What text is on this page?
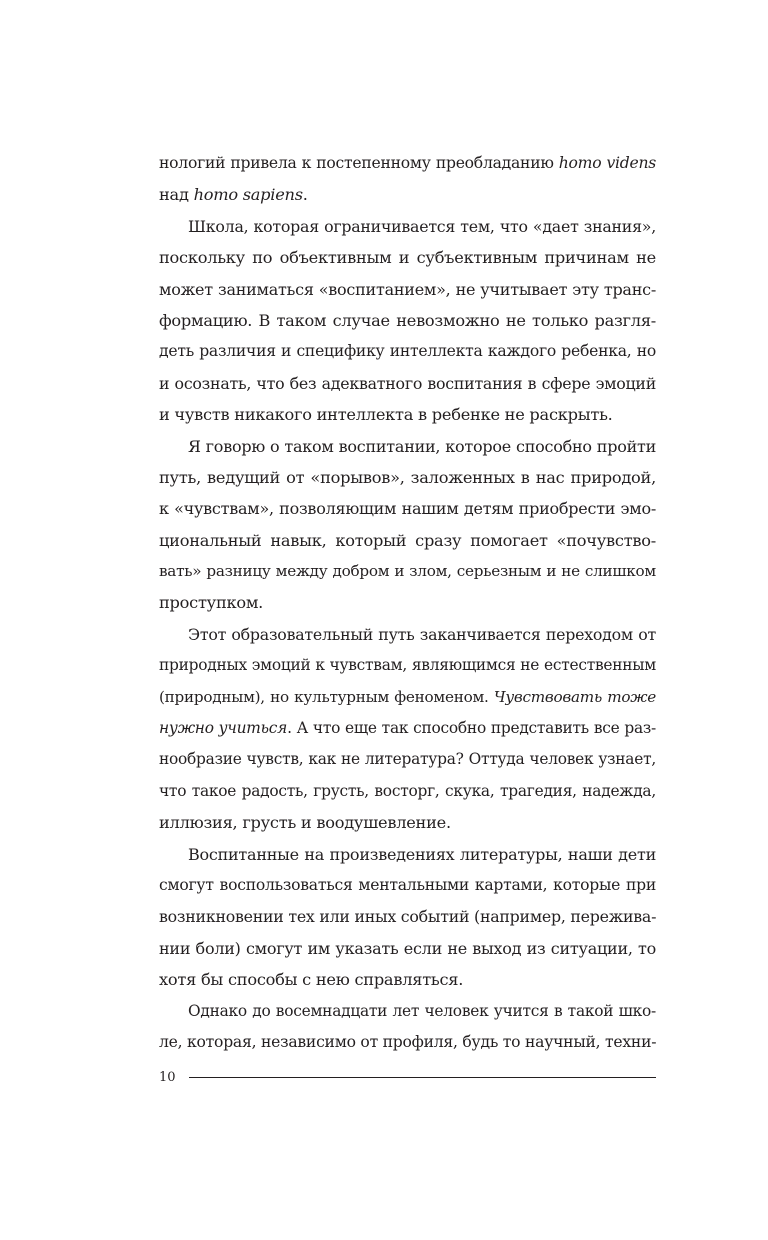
нологий привела к постепенному преобладанию homo videns
над homo sapiens.
Школа, которая ограничивается тем, что «дает знания»,
поскольку по объективным и субъективным причинам не
может заниматься «воспитанием», не учитывает эту транс-
формацию. В таком случае невозможно не только разгля-
деть различия и специфику интеллекта каждого ребенка, но
и осознать, что без адекватного воспитания в сфере эмоций
и чувств никакого интеллекта в ребенке не раскрыть.
Я говорю о таком воспитании, которое способно пройти
путь, ведущий от «порывов», заложенных в нас природой,
к «чувствам», позволяющим нашим детям приобрести эмо-
циональный навык, который сразу помогает «почувство-
вать» разницу между добром и злом, серьезным и не слишком
проступком.
Этот образовательный путь заканчивается переходом от
природных эмоций к чувствам, являющимся не естественным
(природным), но культурным феноменом. Чувствовать тоже
нужно учиться. А что еще так способно представить все раз-
нообразие чувств, как не литература? Оттуда человек узнает,
что такое радость, грусть, восторг, скука, трагедия, надежда,
иллюзия, грусть и воодушевление.
Воспитанные на произведениях литературы, наши дети
смогут воспользоваться ментальными картами, которые при
возникновении тех или иных событий (например, пережива-
нии боли) смогут им указать если не выход из ситуации, то
хотя бы способы с нею справляться.
Однако до восемнадцати лет человек учится в такой шко-
ле, которая, независимо от профиля, будь то научный, техни-
10
